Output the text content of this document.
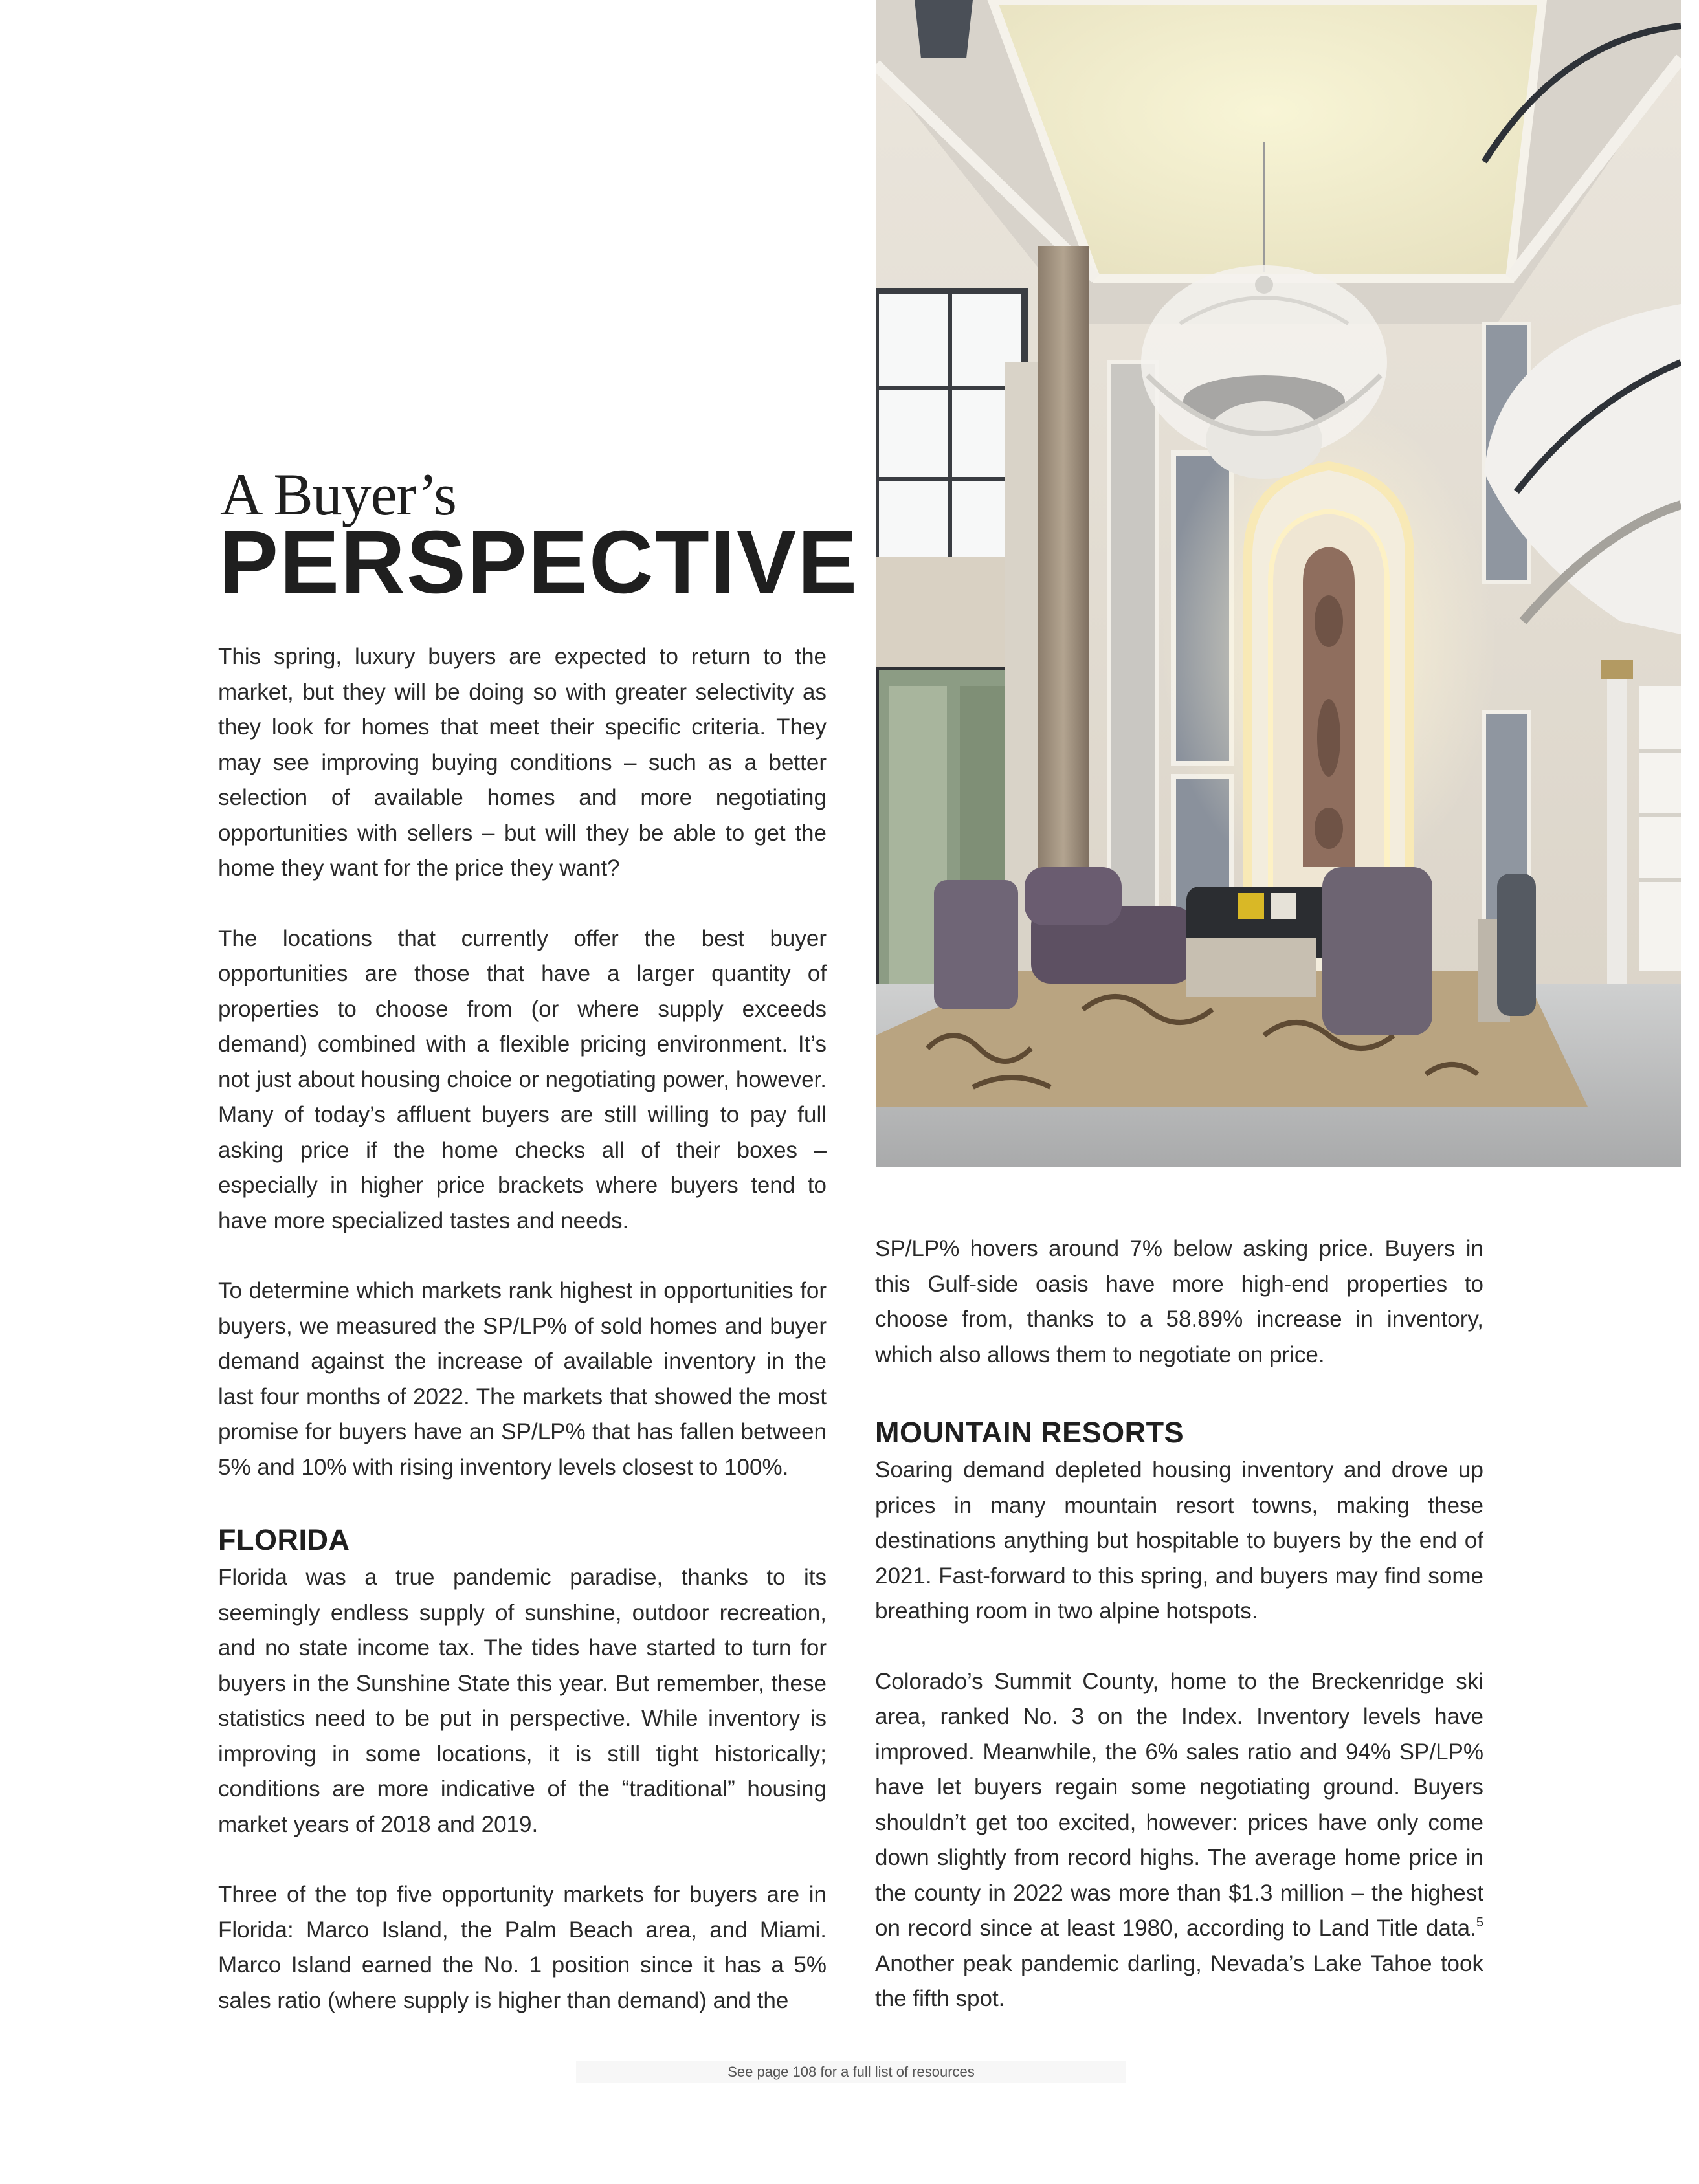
A Buyer’s
PERSPECTIVE

This spring, luxury buyers are expected to return to the market, but they will be doing so with greater selectivity as they look for homes that meet their specific criteria. They may see improving buying conditions – such as a better selection of available homes and more negotiating opportunities with sellers – but will they be able to get the home they want for the price they want?

The locations that currently offer the best buyer opportunities are those that have a larger quantity of properties to choose from (or where supply exceeds demand) combined with a flexible pricing environment. It’s not just about housing choice or negotiating power, however. Many of today’s affluent buyers are still willing to pay full asking price if the home checks all of their boxes – especially in higher price brackets where buyers tend to have more specialized tastes and needs.

To determine which markets rank highest in opportunities for buyers, we measured the SP/LP% of sold homes and buyer demand against the increase of available inventory in the last four months of 2022. The markets that showed the most promise for buyers have an SP/LP% that has fallen between 5% and 10% with rising inventory levels closest to 100%.

FLORIDA

Florida was a true pandemic paradise, thanks to its seemingly endless supply of sunshine, outdoor recreation, and no state income tax. The tides have started to turn for buyers in the Sunshine State this year. But remember, these statistics need to be put in perspective. While inventory is improving in some locations, it is still tight historically; conditions are more indicative of the “traditional” housing market years of 2018 and 2019.

Three of the top five opportunity markets for buyers are in Florida: Marco Island, the Palm Beach area, and Miami. Marco Island earned the No. 1 position since it has a 5% sales ratio (where supply is higher than demand) and the

SP/LP% hovers around 7% below asking price. Buyers in this Gulf-side oasis have more high-end properties to choose from, thanks to a 58.89% increase in inventory, which also allows them to negotiate on price.

MOUNTAIN RESORTS

Soaring demand depleted housing inventory and drove up prices in many mountain resort towns, making these destinations anything but hospitable to buyers by the end of 2021. Fast-forward to this spring, and buyers may find some breathing room in two alpine hotspots.

Colorado’s Summit County, home to the Breckenridge ski area, ranked No. 3 on the Index. Inventory levels have improved. Meanwhile, the 6% sales ratio and 94% SP/LP% have let buyers regain some negotiating ground. Buyers shouldn’t get too excited, however: prices have only come down slightly from record highs. The average home price in the county in 2022 was more than $1.3 million – the highest on record since at least 1980, according to Land Title data.$^5$ Another peak pandemic darling, Nevada’s Lake Tahoe took the fifth spot.

See page 108 for a full list of resources
